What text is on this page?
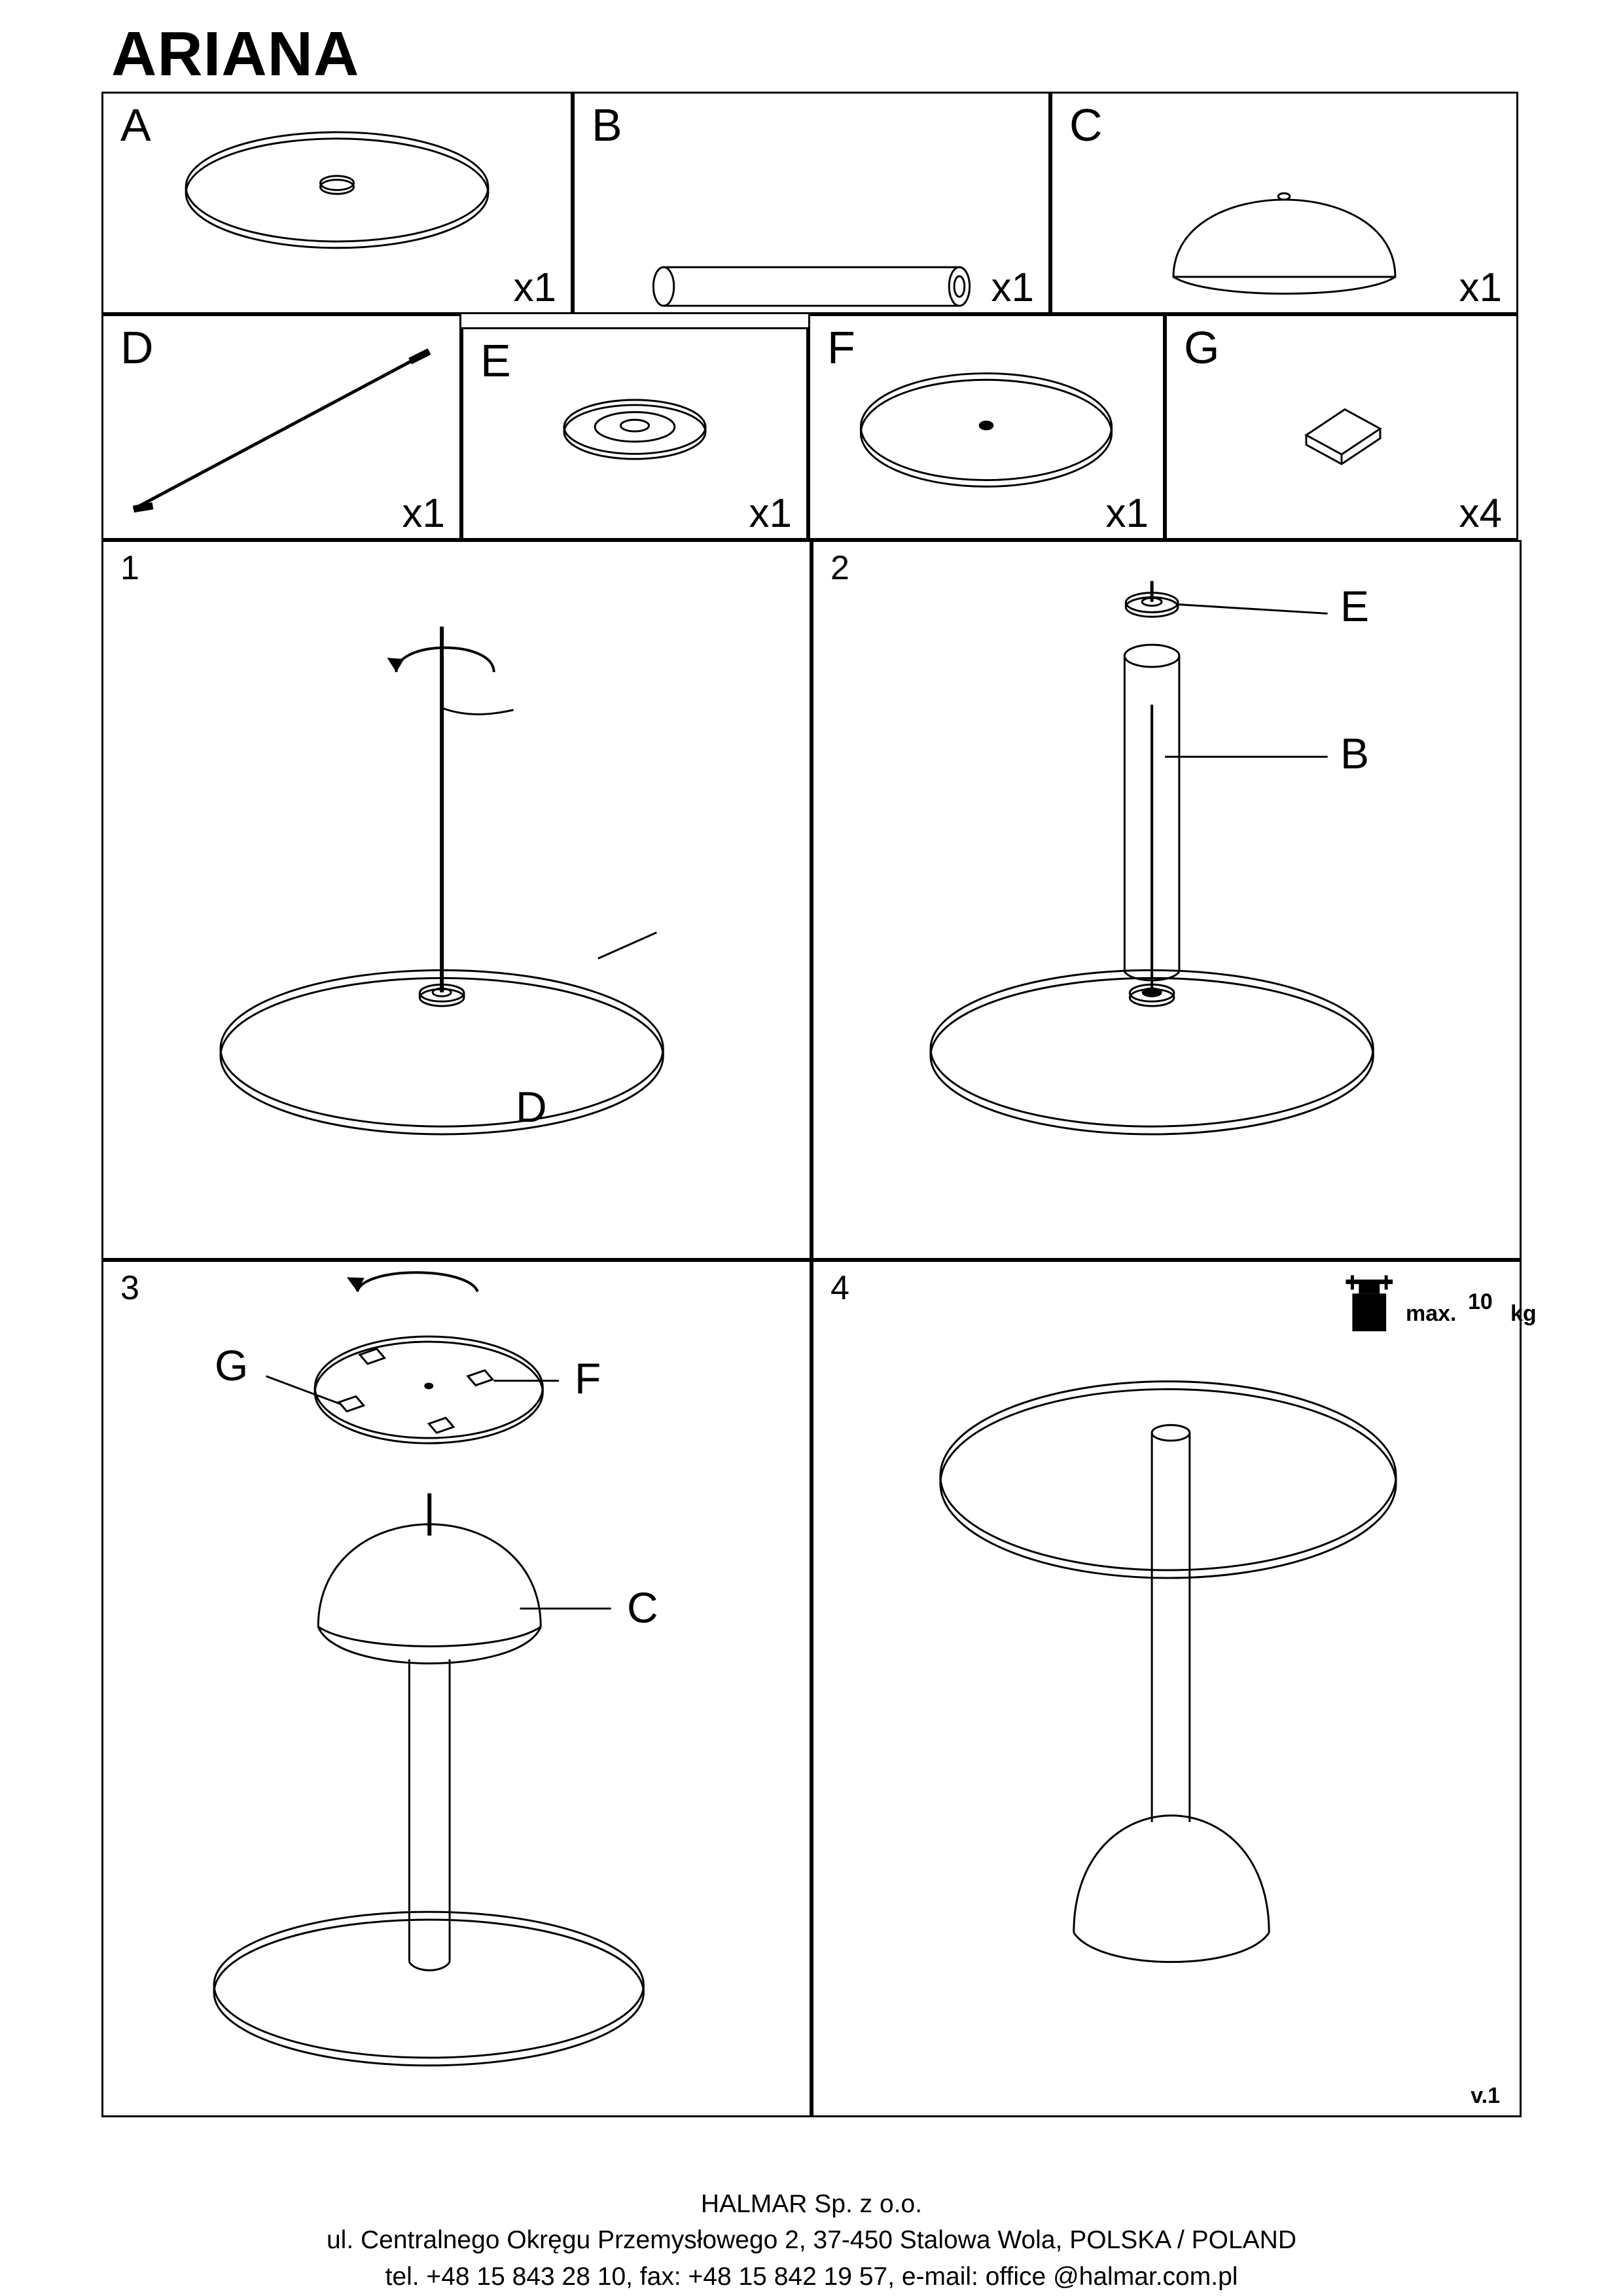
ARIANA
A
x1
B
x1
C
x1
D
x1
E
x1
F
x1
G
x4
1
D
2
E
B
3
G	F
C
4
max. 10 kg
v.1
HALMAR Sp. z o.o.
ul. Centralnego Okręgu Przemysłowego 2, 37-450 Stalowa Wola, POLSKA / POLAND
tel. +48 15 843 28 10, fax: +48 15 842 19 57, e-mail: office @halmar.com.pl
